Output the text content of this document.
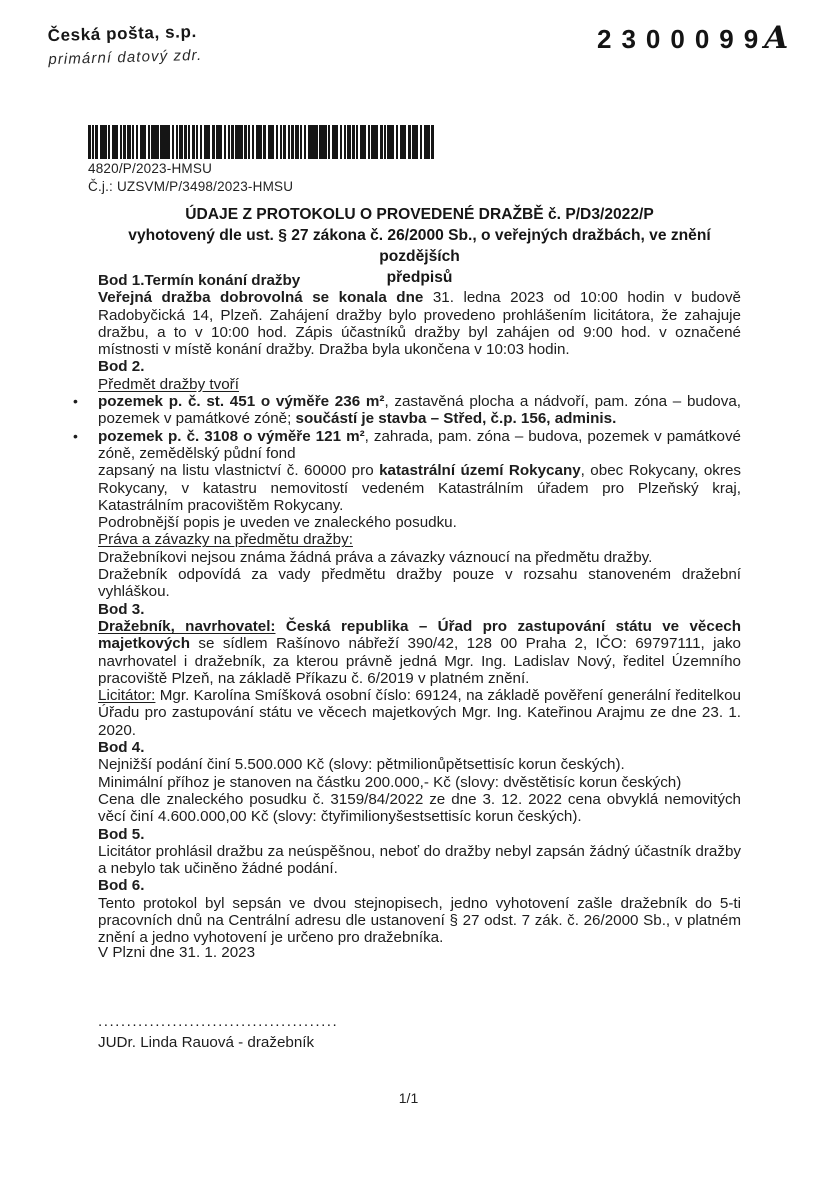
Česká pošta, s.p.
primární datový zdr.
2300099A
4820/P/2023-HMSU
Č.j.: UZSVM/P/3498/2023-HMSU
ÚDAJE Z PROTOKOLU O PROVEDENÉ DRAŽBĚ č. P/D3/2022/P
vyhotovený dle ust. § 27 zákona č. 26/2000 Sb., o veřejných dražbách, ve znění pozdějších
předpisů

Bod 1.Termín konání dražby

Veřejná dražba dobrovolná se konala dne 31. ledna 2023 od 10:00 hodin v budově Radobyčická 14, Plzeň. Zahájení dražby bylo provedeno prohlášením licitátora, že zahajuje dražbu, a to v 10:00 hod. Zápis účastníků dražby byl zahájen od 9:00 hod. v označené místnosti v místě konání dražby. Dražba byla ukončena v 10:03 hodin.

Bod 2.

Předmět dražby tvoří

• pozemek p. č. st. 451 o výměře 236 m², zastavěná plocha a nádvoří, pam. zóna – budova, pozemek v památkové zóně; součástí je stavba – Střed, č.p. 156, adminis.
• pozemek p. č. 3108 o výměře 121 m², zahrada, pam. zóna – budova, pozemek v památkové zóně, zemědělský půdní fond

zapsaný na listu vlastnictví č. 60000 pro katastrální území Rokycany, obec Rokycany, okres Rokycany, v katastru nemovitostí vedeném Katastrálním úřadem pro Plzeňský kraj, Katastrálním pracovištěm Rokycany.

Podrobnější popis je uveden ve znaleckého posudku.

Práva a závazky na předmětu dražby:

Dražebníkovi nejsou známa žádná práva a závazky váznoucí na předmětu dražby.

Dražebník odpovídá za vady předmětu dražby pouze v rozsahu stanoveném dražební vyhláškou.

Bod 3.

Dražebník, navrhovatel: Česká republika – Úřad pro zastupování státu ve věcech majetkových se sídlem Rašínovo nábřeží 390/42, 128 00 Praha 2, IČO: 69797111, jako navrhovatel i dražebník, za kterou právně jedná Mgr. Ing. Ladislav Nový, ředitel Územního pracoviště Plzeň, na základě Příkazu č. 6/2019 v platném znění.

Licitátor: Mgr. Karolína Smíšková osobní číslo: 69124, na základě pověření generální ředitelkou Úřadu pro zastupování státu ve věcech majetkových Mgr. Ing. Kateřinou Arajmu ze dne 23. 1. 2020.

Bod 4.

Nejnižší podání činí 5.500.000 Kč (slovy: pětmilionůpětsettisíc korun českých).

Minimální příhoz je stanoven na částku 200.000,- Kč (slovy: dvěstětisíc korun českých)

Cena dle znaleckého posudku č. 3159/84/2022 ze dne 3. 12. 2022 cena obvyklá nemovitých věcí činí 4.600.000,00 Kč (slovy: čtyřimilionyšestsettisíc korun českých).

Bod 5.

Licitátor prohlásil dražbu za neúspěšnou, neboť do dražby nebyl zapsán žádný účastník dražby a nebylo tak učiněno žádné podání.

Bod 6.

Tento protokol byl sepsán ve dvou stejnopisech, jedno vyhotovení zašle dražebník do 5-ti pracovních dnů na Centrální adresu dle ustanovení § 27 odst. 7 zák. č. 26/2000 Sb., v platném znění a jedno vyhotovení je určeno pro dražebníka.

V Plzni dne 31. 1. 2023
..........................................
JUDr. Linda Rauová - dražebník
1/1
